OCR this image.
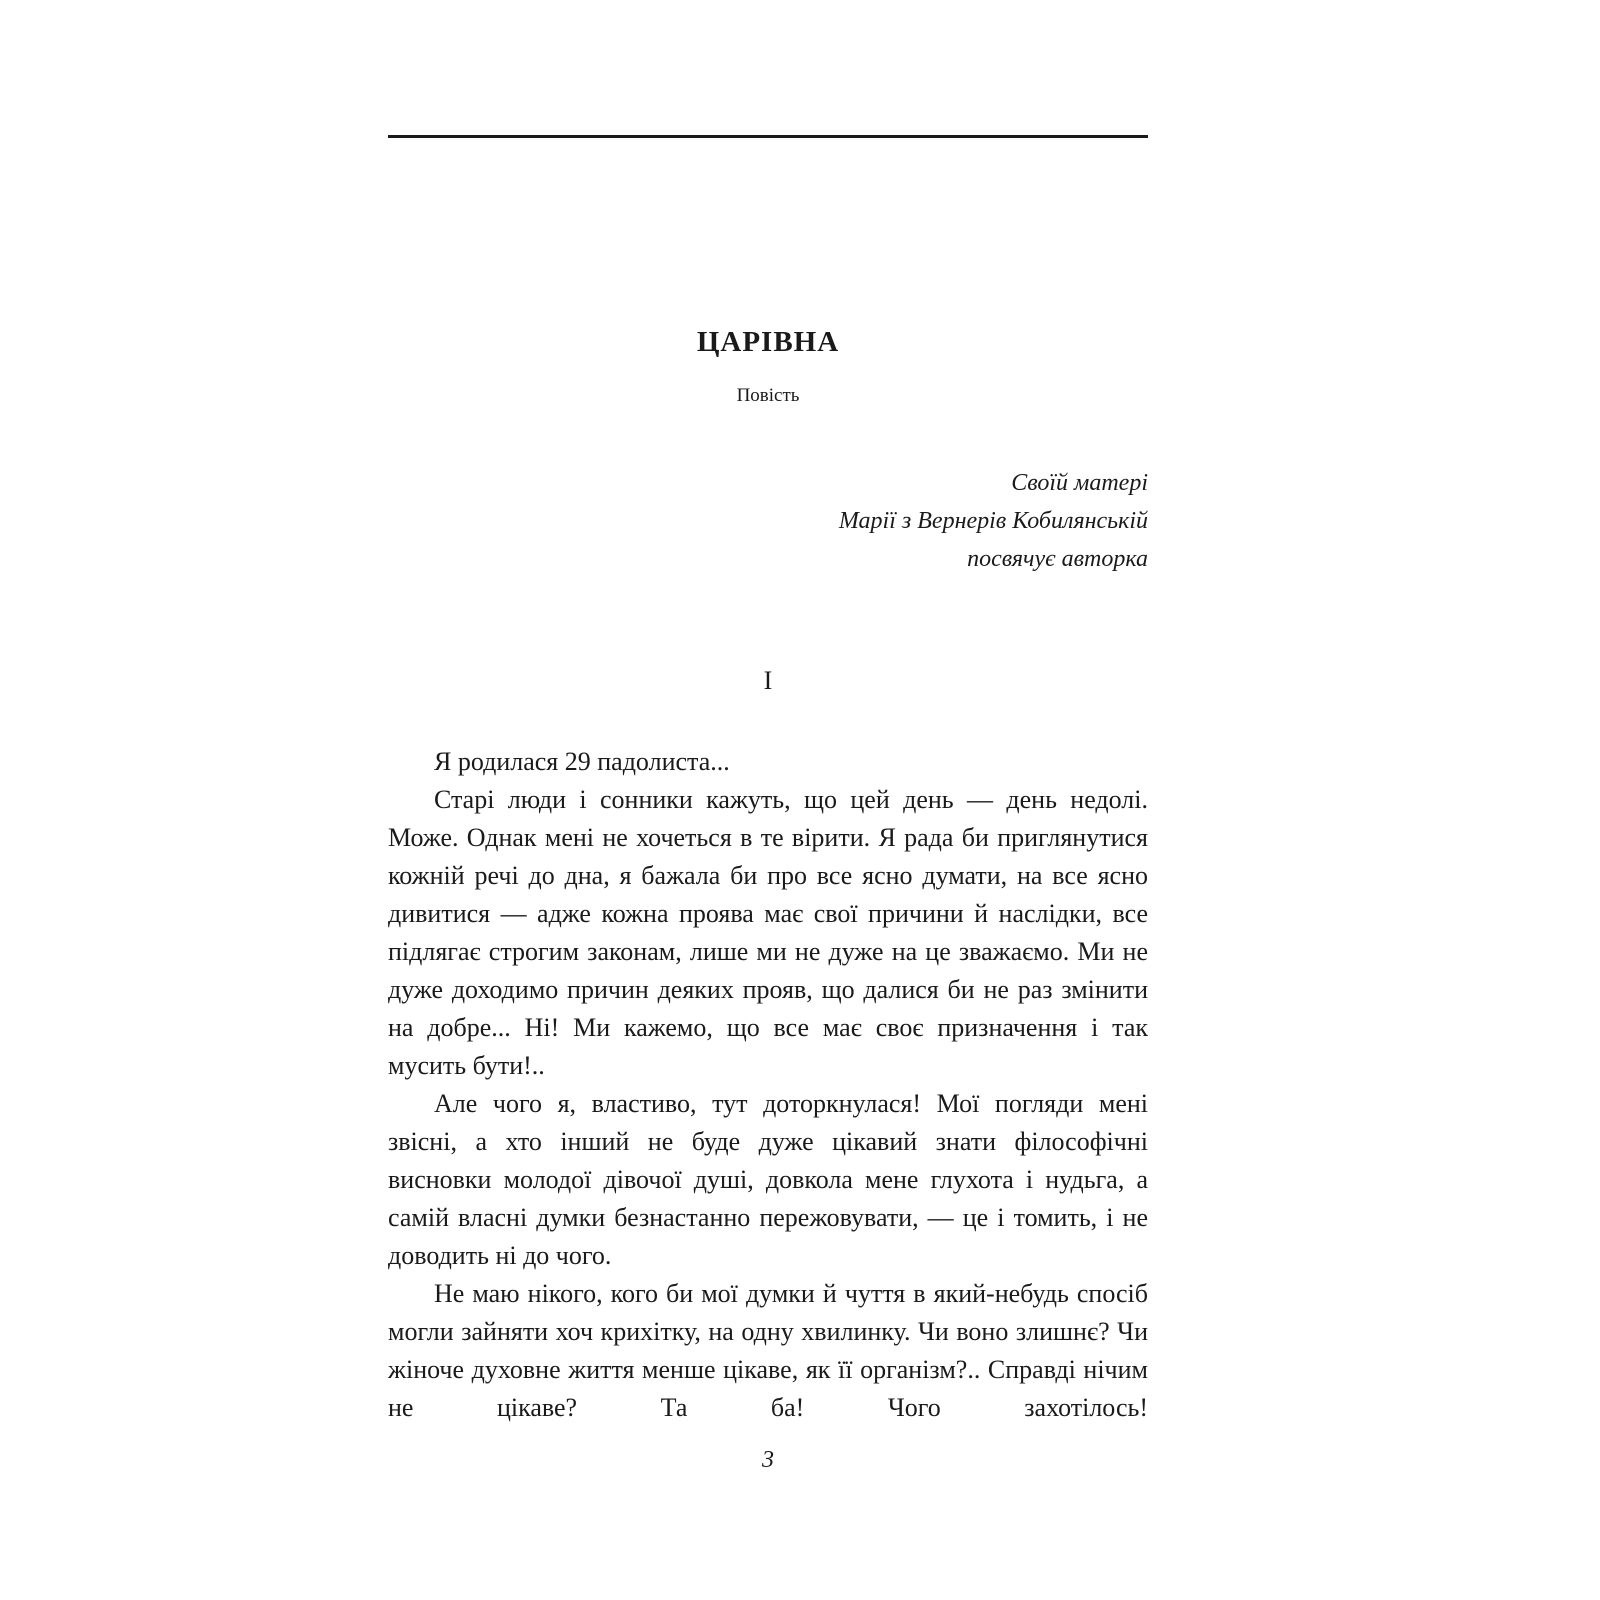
ЦАРІВНА
Повість
Своїй матері
Марії з Вернерів Кобилянській
посвячує авторка
I

Я родилася 29 падолиста...

Старі люди і сонники кажуть, що цей день — день недолі. Може. Однак мені не хочеться в те вірити. Я рада би приглянутися кожній речі до дна, я бажала би про все ясно думати, на все ясно дивитися — адже кожна проява має свої причини й наслідки, все підлягає строгим законам, лише ми не дуже на це зважаємо. Ми не дуже доходимо причин деяких прояв, що далися би не раз змінити на добре... Ні! Ми кажемо, що все має своє призначення і так мусить бути!..

Але чого я, властиво, тут доторкнулася! Мої погляди мені звісні, а хто інший не буде дуже цікавий знати філософічні висновки молодої дівочої душі, довкола мене глухота і нудьга, а самій власні думки безнастанно пережовувати, — це і томить, і не доводить ні до чого.

Не маю нікого, кого би мої думки й чуття в який-небудь спосіб могли зайняти хоч крихітку, на одну хвилинку. Чи воно злишнє? Чи жіноче духовне життя менше цікаве, як її організм?.. Справді нічим не цікаве? Та ба! Чого захотілось!

3
